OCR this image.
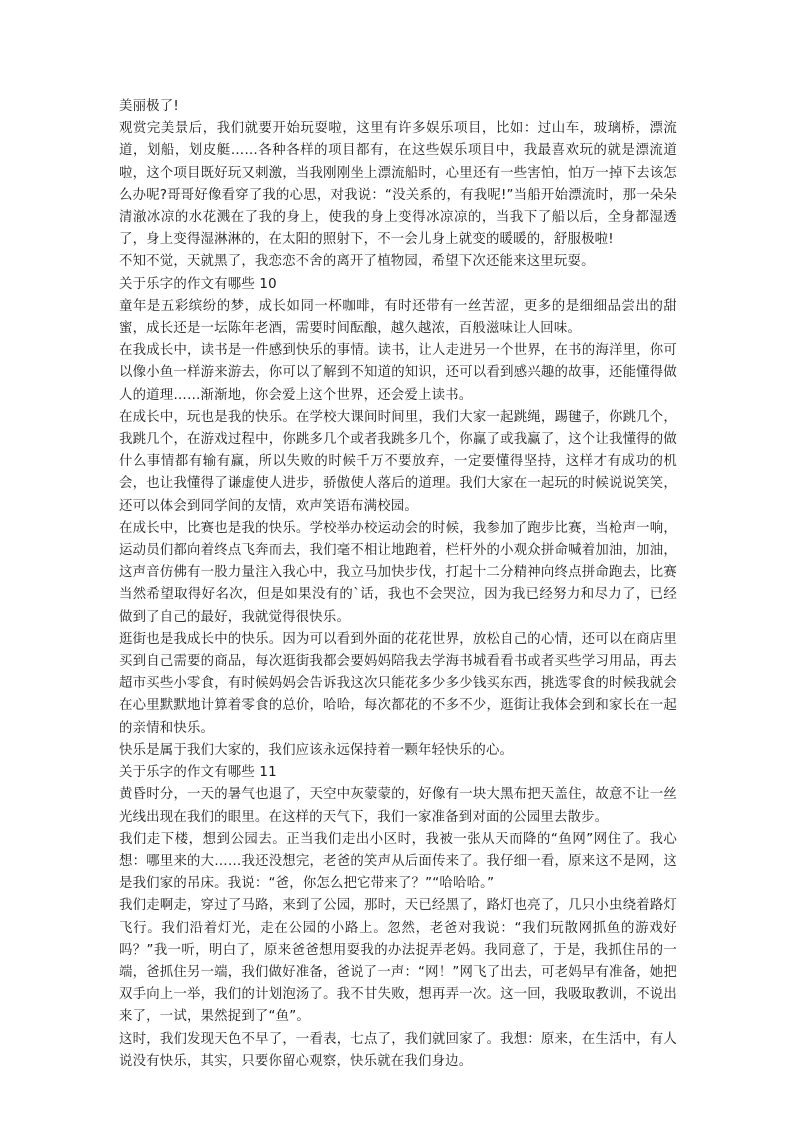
美丽极了!

观赏完美景后，我们就要开始玩耍啦，这里有许多娱乐项目，比如：过山车，玻璃桥，漂流道，划船，划皮艇……各种各样的项目都有，在这些娱乐项目中，我最喜欢玩的就是漂流道啦，这个项目既好玩又刺激，当我刚刚坐上漂流船时，心里还有一些害怕，怕万一掉下去该怎么办呢?哥哥好像看穿了我的心思，对我说：“没关系的，有我呢!”当船开始漂流时，那一朵朵清澈冰凉的水花溅在了我的身上，使我的身上变得冰凉凉的，当我下了船以后，全身都湿透了，身上变得湿淋淋的，在太阳的照射下，不一会儿身上就变的暖暖的，舒服极啦!

不知不觉，天就黑了，我恋恋不舍的离开了植物园，希望下次还能来这里玩耍。

关于乐字的作文有哪些 10

童年是五彩缤纷的梦，成长如同一杯咖啡，有时还带有一丝苦涩，更多的是细细品尝出的甜蜜，成长还是一坛陈年老酒，需要时间酝酿，越久越浓，百般滋味让人回味。

在我成长中，读书是一件感到快乐的事情。读书，让人走进另一个世界，在书的海洋里，你可以像小鱼一样游来游去，你可以了解到不知道的知识，还可以看到感兴趣的故事，还能懂得做人的道理……渐渐地，你会爱上这个世界，还会爱上读书。

在成长中，玩也是我的快乐。在学校大课间时间里，我们大家一起跳绳，踢毽子，你跳几个，我跳几个，在游戏过程中，你跳多几个或者我跳多几个，你赢了或我赢了，这个让我懂得的做什么事情都有输有赢，所以失败的时候千万不要放弃，一定要懂得坚持，这样才有成功的机会，也让我懂得了谦虚使人进步，骄傲使人落后的道理。我们大家在一起玩的时候说说笑笑，还可以体会到同学间的友情，欢声笑语布满校园。

在成长中，比赛也是我的快乐。学校举办校运动会的时候，我参加了跑步比赛，当枪声一响，运动员们都向着终点飞奔而去，我们毫不相让地跑着，栏杆外的小观众拼命喊着加油，加油，这声音仿佛有一股力量注入我心中，我立马加快步伐，打起十二分精神向终点拼命跑去，比赛当然希望取得好名次，但是如果没有的`话，我也不会哭泣，因为我已经努力和尽力了，已经做到了自己的最好，我就觉得很快乐。

逛街也是我成长中的快乐。因为可以看到外面的花花世界，放松自己的心情，还可以在商店里买到自己需要的商品，每次逛街我都会要妈妈陪我去学海书城看看书或者买些学习用品，再去超市买些小零食，有时候妈妈会告诉我这次只能花多少多少钱买东西，挑选零食的时候我就会在心里默默地计算着零食的总价，哈哈，每次都花的不多不少，逛街让我体会到和家长在一起的亲情和快乐。

快乐是属于我们大家的，我们应该永远保持着一颗年轻快乐的心。

关于乐字的作文有哪些 11

黄昏时分，一天的暑气也退了，天空中灰蒙蒙的，好像有一块大黑布把天盖住，故意不让一丝光线出现在我们的眼里。在这样的天气下，我们一家准备到对面的公园里去散步。

我们走下楼，想到公园去。正当我们走出小区时，我被一张从天而降的“鱼网”网住了。我心想：哪里来的大……我还没想完，老爸的笑声从后面传来了。我仔细一看，原来这不是网，这是我们家的吊床。我说：“爸，你怎么把它带来了？”“哈哈哈。”

我们走啊走，穿过了马路，来到了公园，那时，天已经黑了，路灯也亮了，几只小虫绕着路灯飞行。我们沿着灯光，走在公园的小路上。忽然，老爸对我说：“我们玩散网抓鱼的游戏好吗？”我一听，明白了，原来爸爸想用耍我的办法捉弄老妈。我同意了，于是，我抓住吊的一端，爸抓住另一端，我们做好准备，爸说了一声：“网！”网飞了出去，可老妈早有准备，她把双手向上一举，我们的计划泡汤了。我不甘失败，想再弄一次。这一回，我吸取教训，不说出来了，一试，果然捉到了“鱼”。

这时，我们发现天色不早了，一看表，七点了，我们就回家了。我想：原来，在生活中，有人说没有快乐，其实，只要你留心观察，快乐就在我们身边。
